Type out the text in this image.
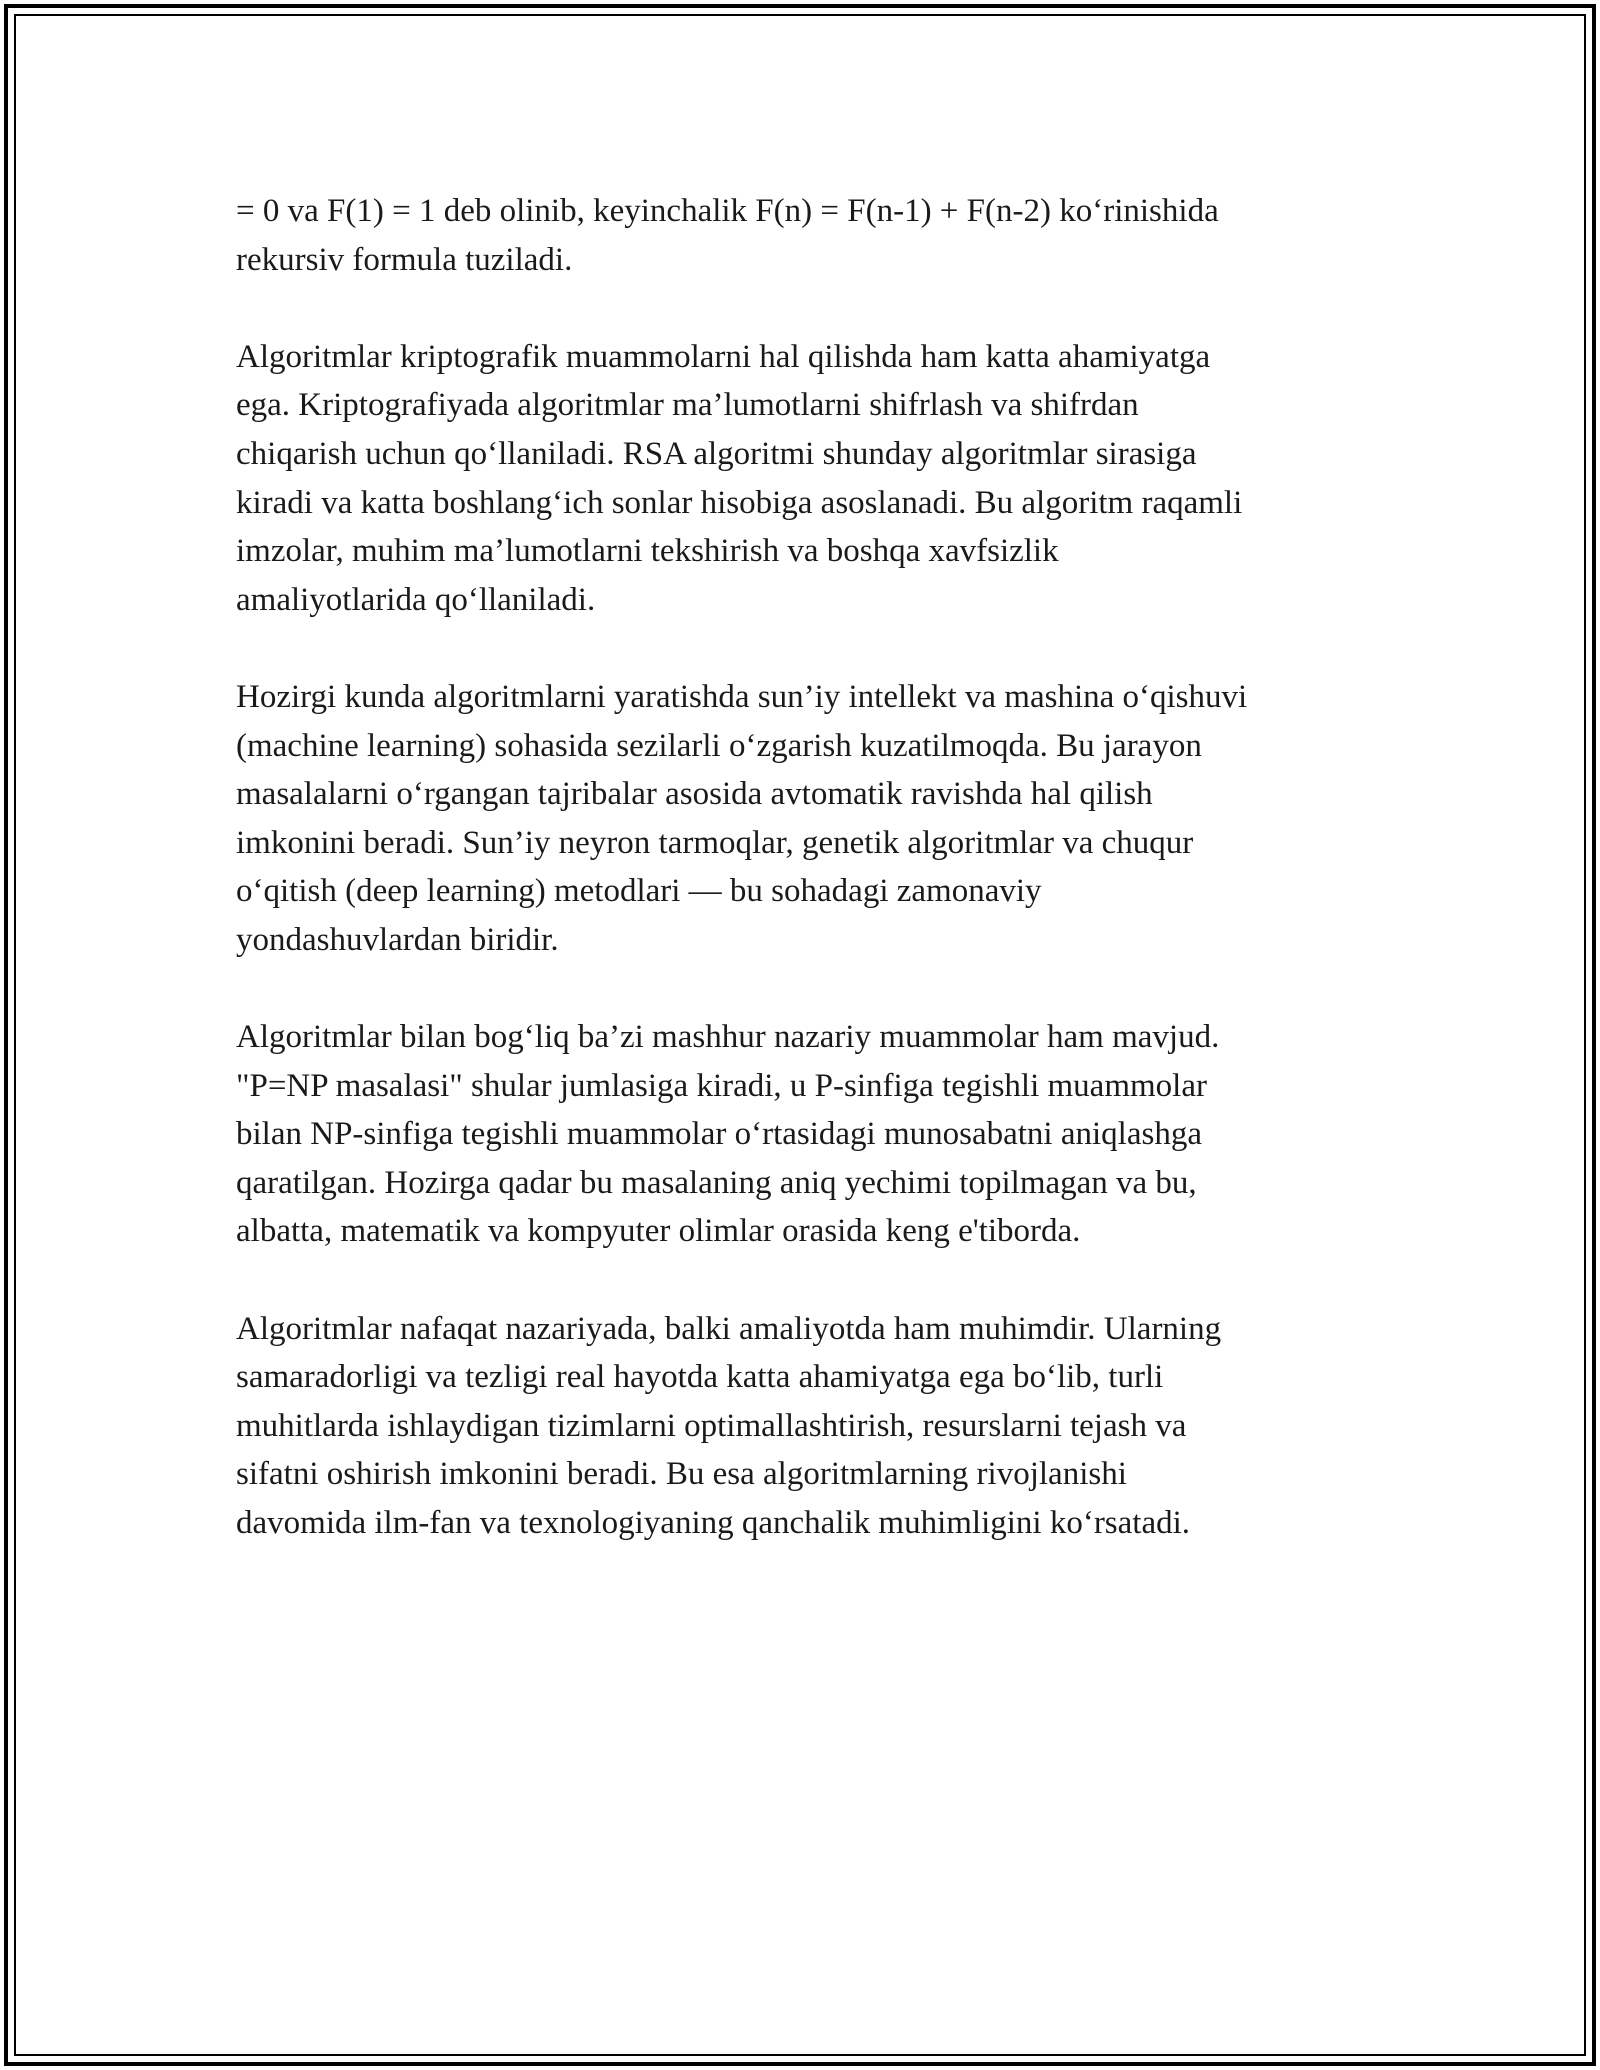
= 0 va F(1) = 1 deb olinib, keyinchalik F(n) = F(n-1) + F(n-2) ko‘rinishida
rekursiv formula tuziladi.

Algoritmlar kriptografik muammolarni hal qilishda ham katta ahamiyatga
ega. Kriptografiyada algoritmlar ma’lumotlarni shifrlash va shifrdan
chiqarish uchun qo‘llaniladi. RSA algoritmi shunday algoritmlar sirasiga
kiradi va katta boshlang‘ich sonlar hisobiga asoslanadi. Bu algoritm raqamli
imzolar, muhim ma’lumotlarni tekshirish va boshqa xavfsizlik
amaliyotlarida qo‘llaniladi.

Hozirgi kunda algoritmlarni yaratishda sun’iy intellekt va mashina o‘qishuvi
(machine learning) sohasida sezilarli o‘zgarish kuzatilmoqda. Bu jarayon
masalalarni o‘rgangan tajribalar asosida avtomatik ravishda hal qilish
imkonini beradi. Sun’iy neyron tarmoqlar, genetik algoritmlar va chuqur
o‘qitish (deep learning) metodlari — bu sohadagi zamonaviy
yondashuvlardan biridir.

Algoritmlar bilan bog‘liq ba’zi mashhur nazariy muammolar ham mavjud.
"P=NP masalasi" shular jumlasiga kiradi, u P-sinfiga tegishli muammolar
bilan NP-sinfiga tegishli muammolar o‘rtasidagi munosabatni aniqlashga
qaratilgan. Hozirga qadar bu masalaning aniq yechimi topilmagan va bu,
albatta, matematik va kompyuter olimlar orasida keng e'tiborda.

Algoritmlar nafaqat nazariyada, balki amaliyotda ham muhimdir. Ularning
samaradorligi va tezligi real hayotda katta ahamiyatga ega bo‘lib, turli
muhitlarda ishlaydigan tizimlarni optimallashtirish, resurslarni tejash va
sifatni oshirish imkonini beradi. Bu esa algoritmlarning rivojlanishi
davomida ilm-fan va texnologiyaning qanchalik muhimligini ko‘rsatadi.
